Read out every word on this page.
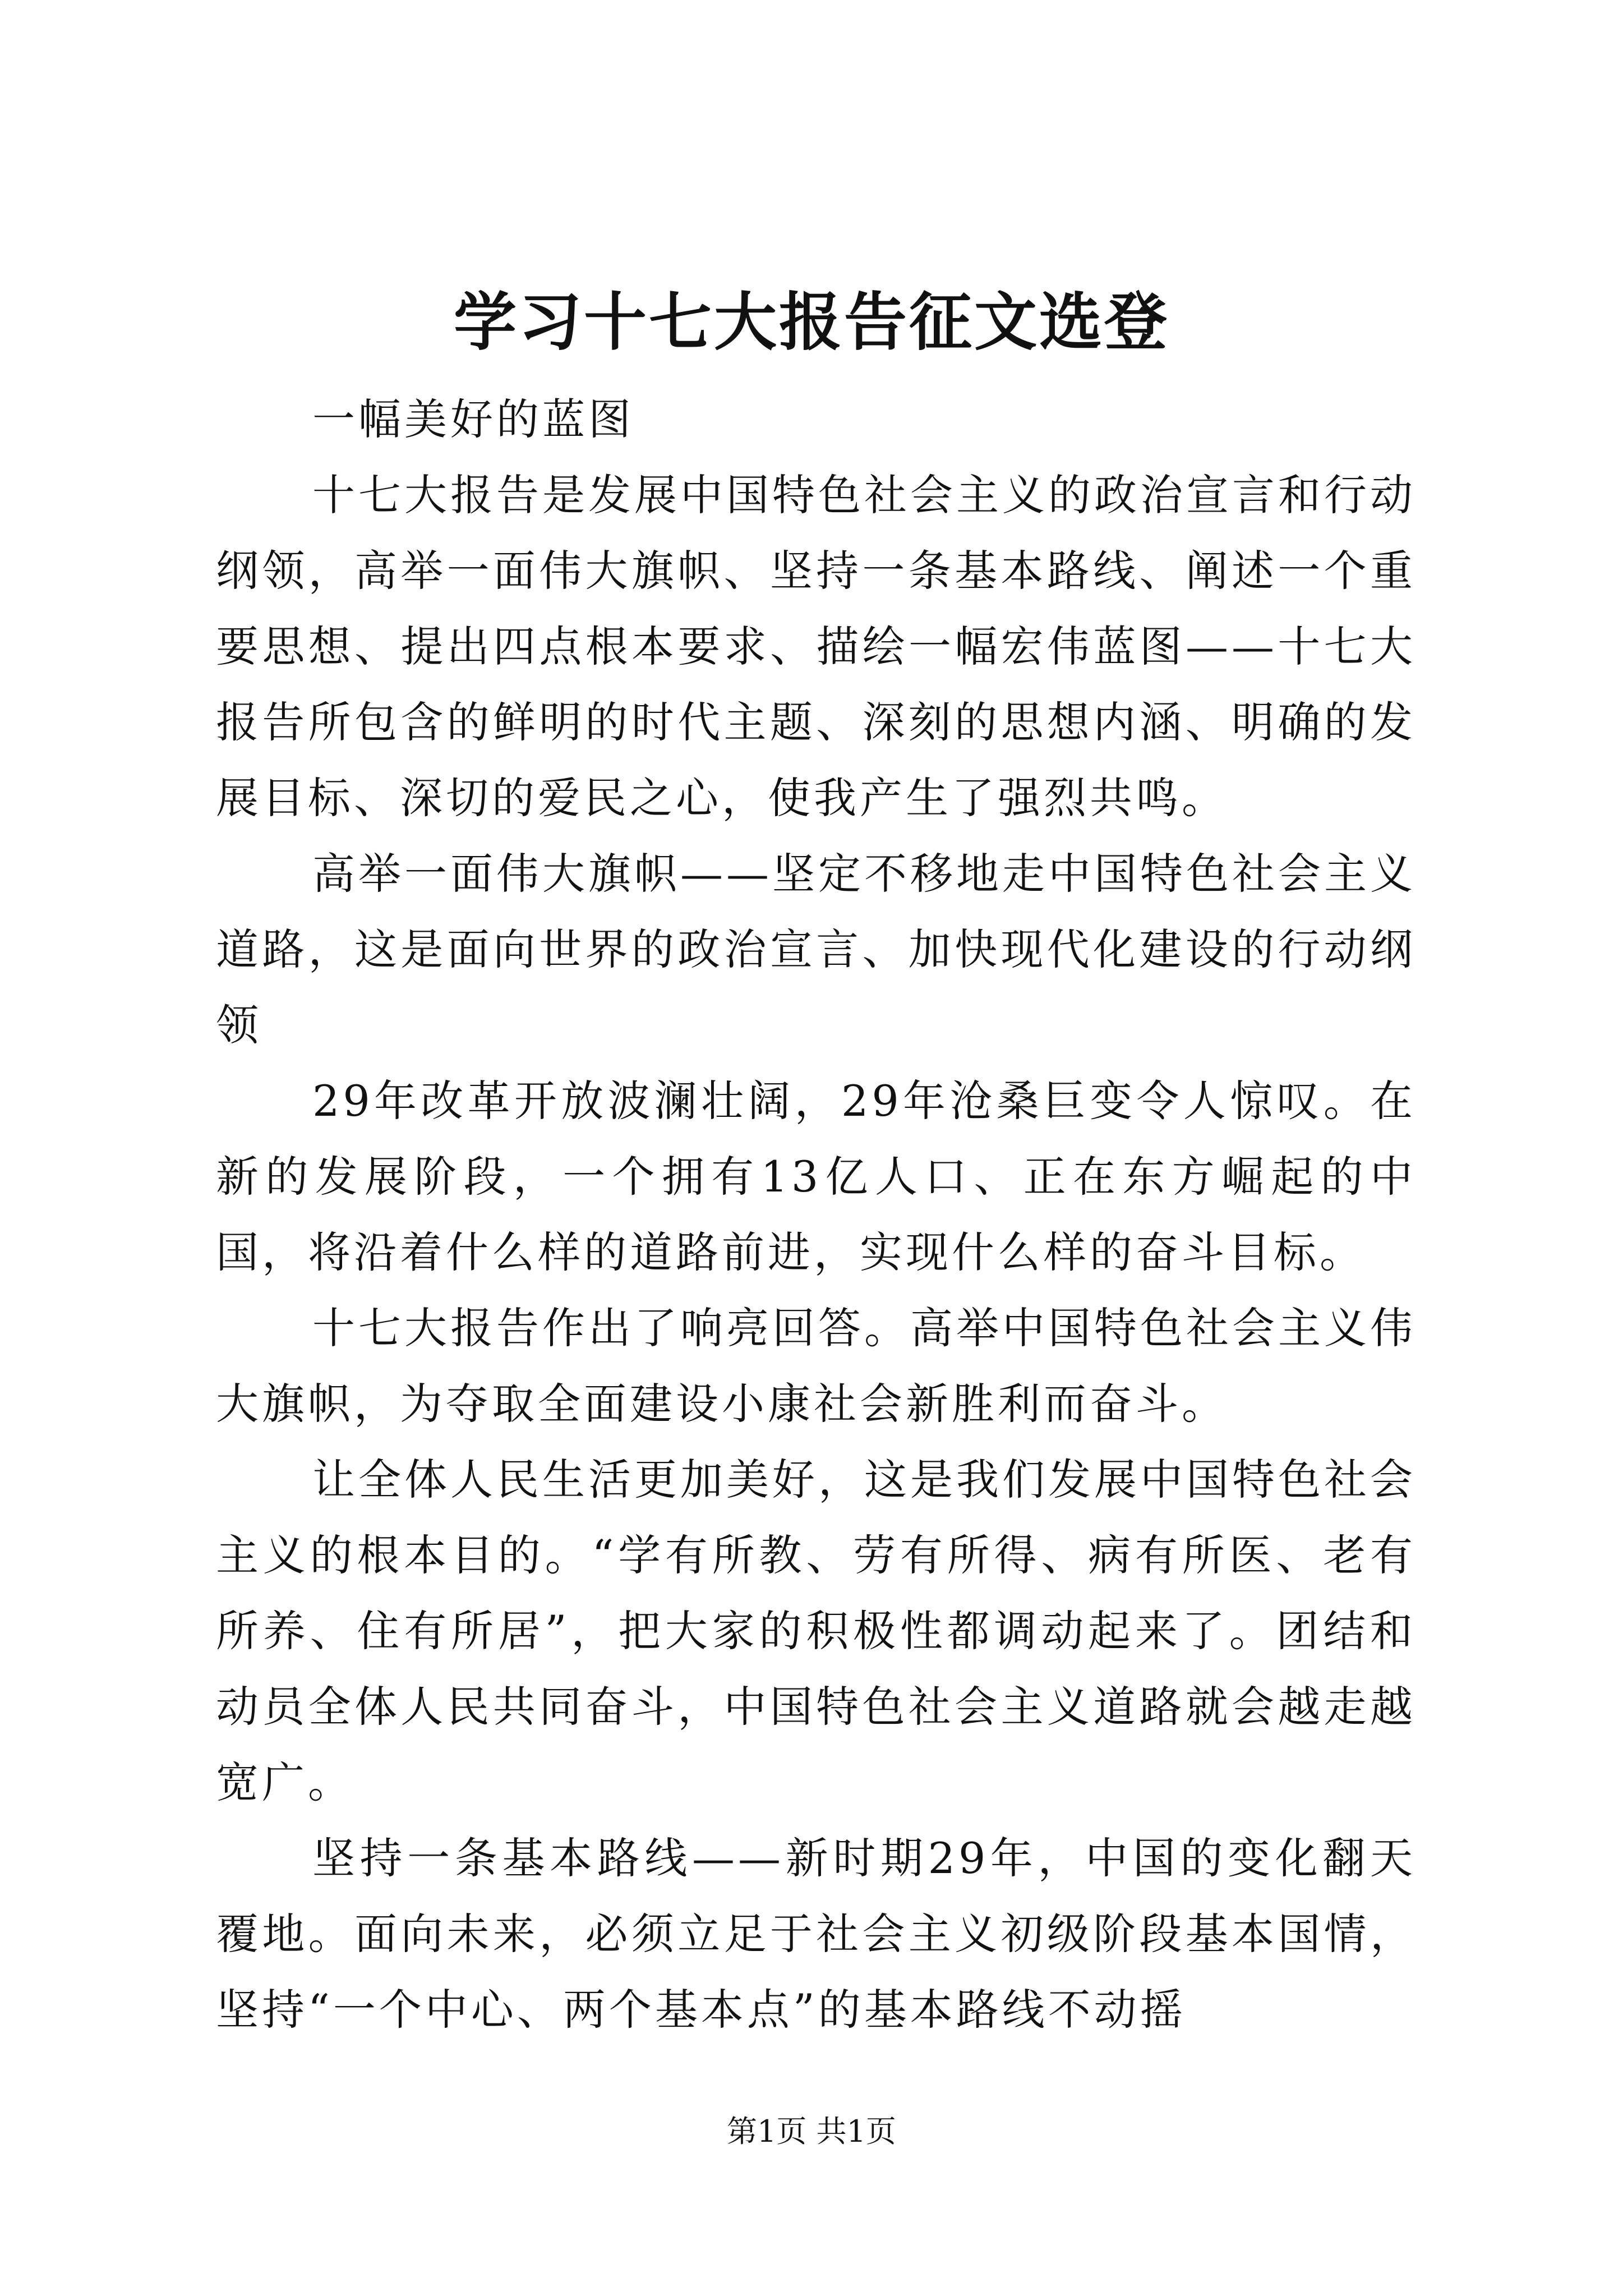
学习十七大报告征文选登

一幅美好的蓝图

十七大报告是发展中国特色社会主义的政治宣言和行动纲领，高举一面伟大旗帜、坚持一条基本路线、阐述一个重要思想、提出四点根本要求、描绘一幅宏伟蓝图——十七大报告所包含的鲜明的时代主题、深刻的思想内涵、明确的发展目标、深切的爱民之心，使我产生了强烈共鸣。

高举一面伟大旗帜——坚定不移地走中国特色社会主义道路，这是面向世界的政治宣言、加快现代化建设的行动纲领

29年改革开放波澜壮阔，29年沧桑巨变令人惊叹。在新的发展阶段，一个拥有13亿人口、正在东方崛起的中国，将沿着什么样的道路前进，实现什么样的奋斗目标。

十七大报告作出了响亮回答。高举中国特色社会主义伟大旗帜，为夺取全面建设小康社会新胜利而奋斗。

让全体人民生活更加美好，这是我们发展中国特色社会主义的根本目的。“学有所教、劳有所得、病有所医、老有所养、住有所居”，把大家的积极性都调动起来了。团结和动员全体人民共同奋斗，中国特色社会主义道路就会越走越宽广。

坚持一条基本路线——新时期29年，中国的变化翻天覆地。面向未来，必须立足于社会主义初级阶段基本国情，坚持“一个中心、两个基本点”的基本路线不动摇

第1页 共1页
